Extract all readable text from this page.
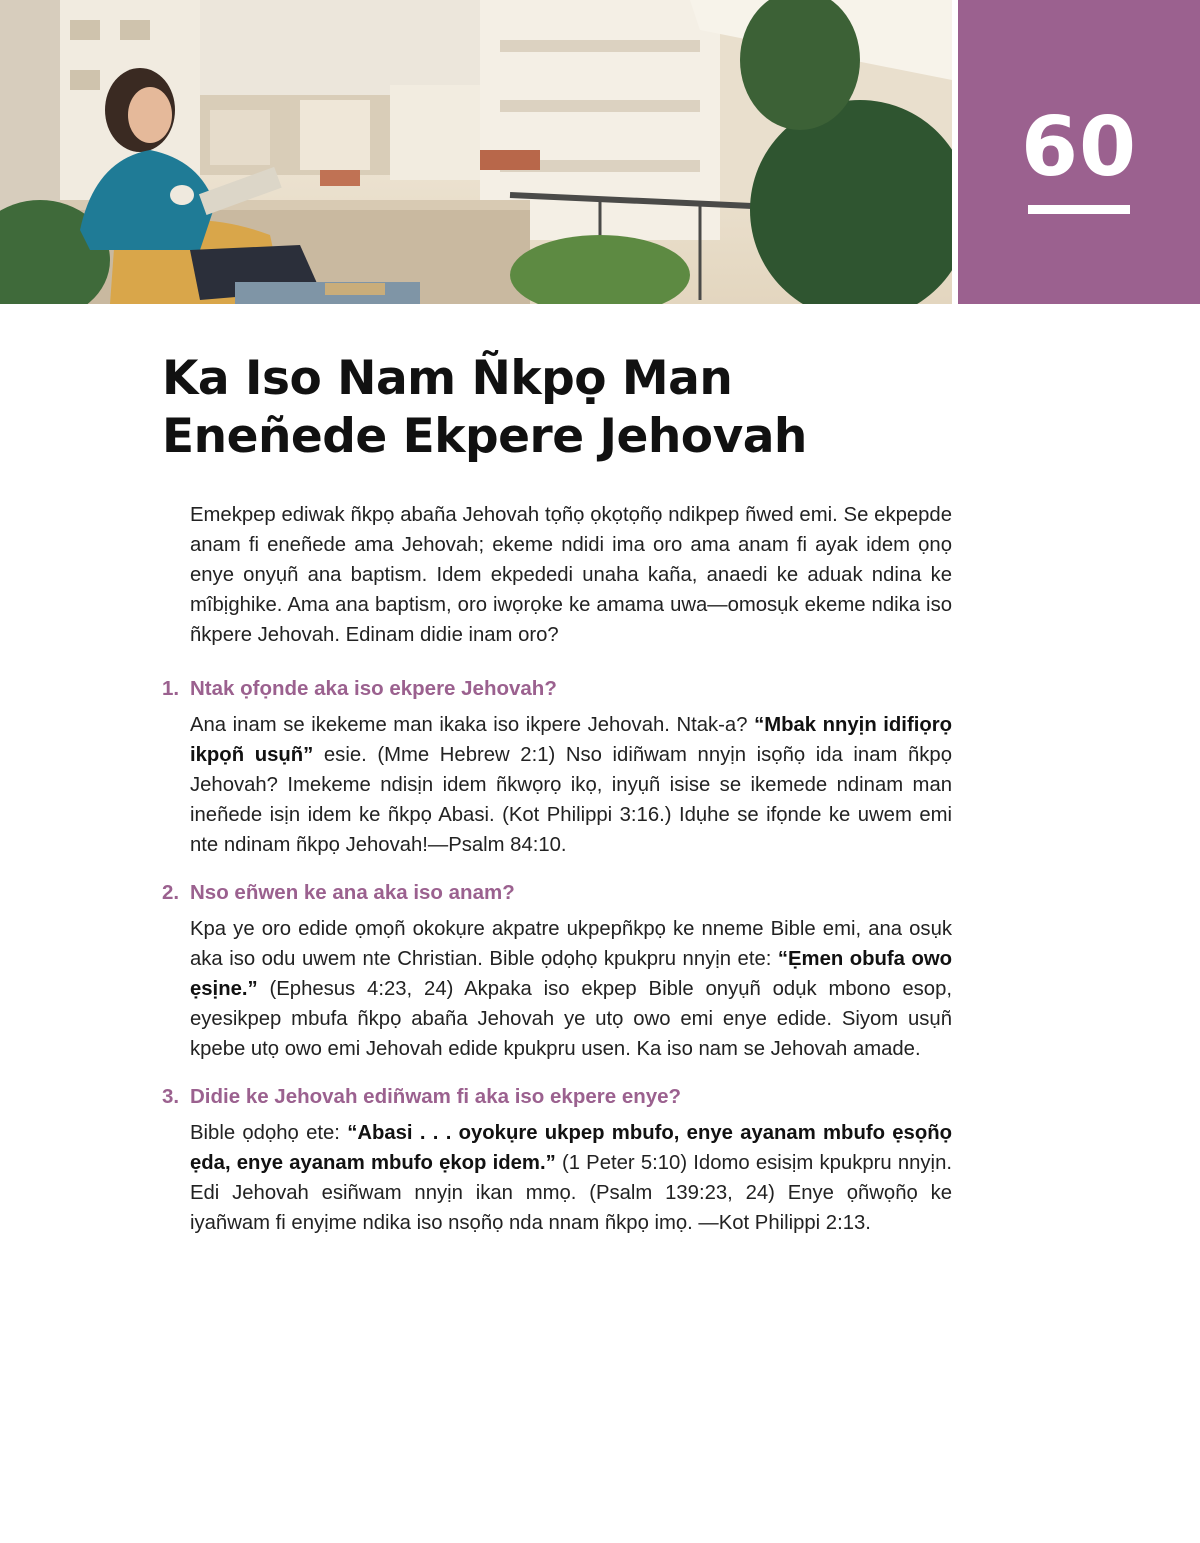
60
Ka Iso Nam Ñkpọ Man
Eneñede Ekpere Jehovah

Emekpep ediwak ñkpọ abaña Jehovah tọñọ ọkọtọñọ ndikpep ñwed emi. Se ekpepde anam fi eneñede ama Jehovah; ekeme ndidi ima oro ama anam fi ayak idem ọnọ enye onyụñ ana baptism. Idem ekpededi unaha kaña, anaedi ke aduak ndina ke mîbịghike. Ama ana baptism, oro iwọrọke ke amama uwa—omosụk ekeme ndika iso ñkpere Jehovah. Edinam didie inam oro?

1. Ntak ọfọnde aka iso ekpere Jehovah?

Ana inam se ikekeme man ikaka iso ikpere Jehovah. Ntak-a? “Mbak nnyịn idifiọrọ ikpọñ usụñ” esie. (Mme Hebrew 2:1) Nso idiñwam nnyịn isọñọ ida inam ñkpọ Jehovah? Imekeme ndisịn idem ñkwọrọ ikọ, inyụñ isise se ikemede ndinam man ineñede isịn idem ke ñkpọ Abasi. (Kot Philippi 3:16.) Idụhe se ifọnde ke uwem emi nte ndinam ñkpọ Jehovah!—Psalm 84:10.

2. Nso eñwen ke ana aka iso anam?

Kpa ye oro edide ọmọñ okokụre akpatre ukpepñkpọ ke nneme Bible emi, ana osụk aka iso odu uwem nte Christian. Bible ọdọhọ kpukpru nnyịn ete: “Ẹmen obufa owo ẹsịne.” (Ephesus 4:23, 24) Akpaka iso ekpep Bible onyụñ odụk mbono esop, eyesikpep mbufa ñkpọ abaña Jehovah ye utọ owo emi enye edide. Siyom usụñ kpebe utọ owo emi Jehovah edide kpukpru usen. Ka iso nam se Jehovah amade.

3. Didie ke Jehovah ediñwam fi aka iso ekpere enye?

Bible ọdọhọ ete: “Abasi . . . oyokụre ukpep mbufo, enye ayanam mbufo ẹsọñọ ẹda, enye ayanam mbufo ẹkop idem.” (1 Peter 5:10) Idomo esisịm kpukpru nnyịn. Edi Jehovah esiñwam nnyịn ikan mmọ. (Psalm 139:23, 24) Enye ọñwọñọ ke iyañwam fi enyịme ndika iso nsọñọ nda nnam ñkpọ imọ. —Kot Philippi 2:13.
